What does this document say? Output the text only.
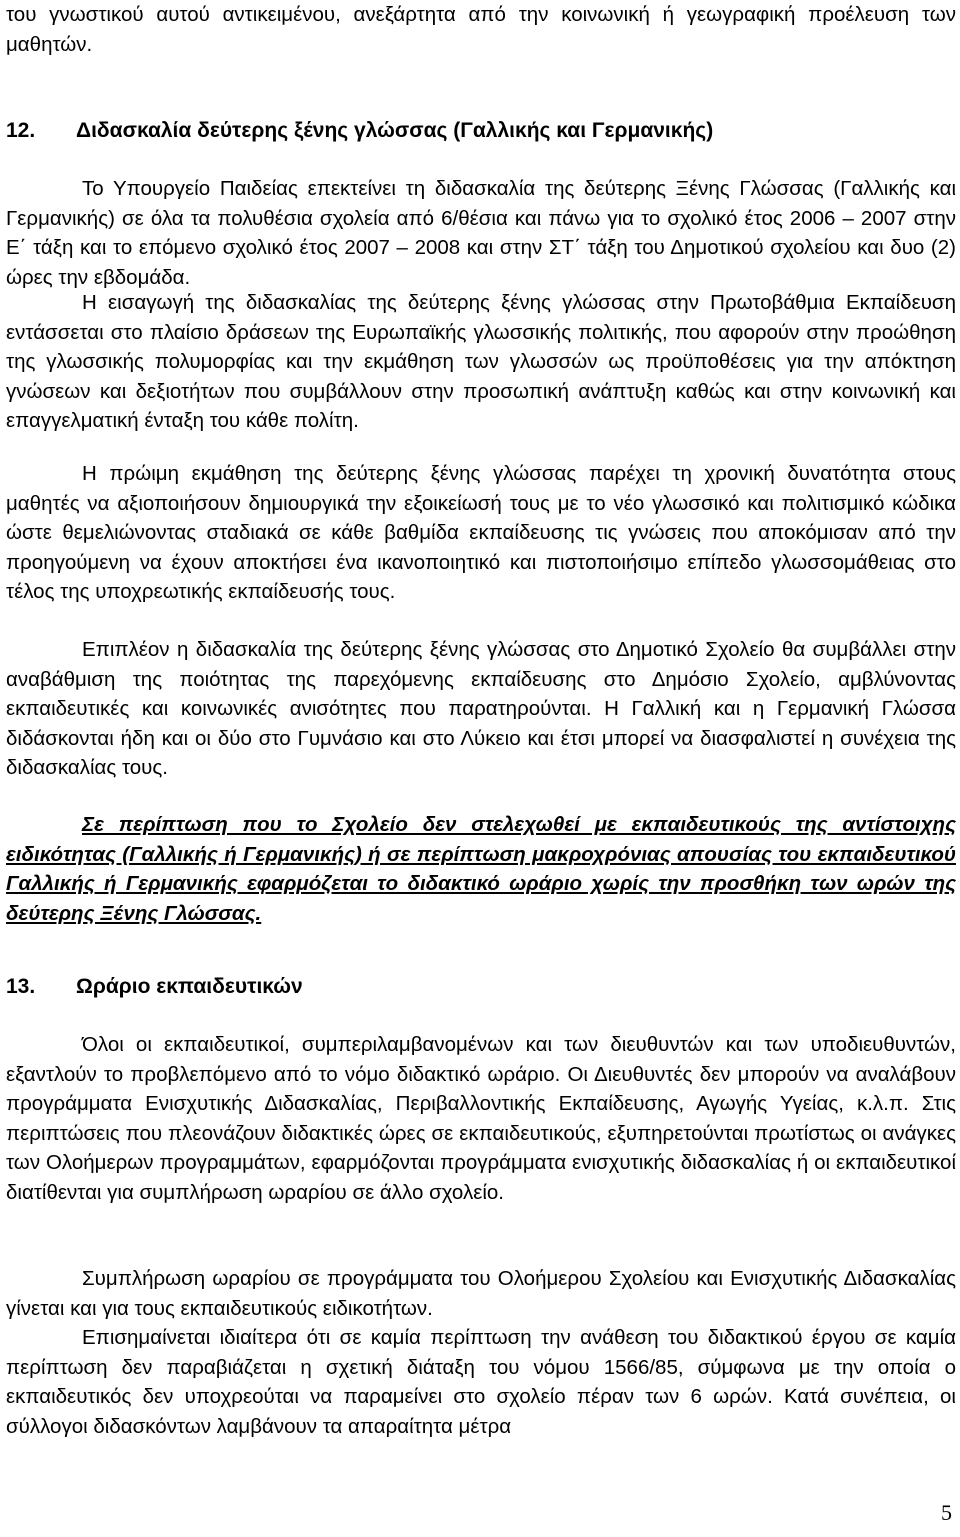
του γνωστικού αυτού αντικειμένου, ανεξάρτητα από την κοινωνική ή γεωγραφική προέλευση των μαθητών.

12.	Διδασκαλία δεύτερης ξένης γλώσσας (Γαλλικής και Γερμανικής)

Το Υπουργείο Παιδείας επεκτείνει τη διδασκαλία της δεύτερης Ξένης Γλώσσας (Γαλλικής και Γερμανικής) σε όλα τα πολυθέσια σχολεία από 6/θέσια και πάνω για το σχολικό έτος 2006 – 2007 στην Ε΄ τάξη και το επόμενο σχολικό έτος 2007 – 2008 και στην ΣΤ΄ τάξη του Δημοτικού σχολείου και δυο (2) ώρες την εβδομάδα.

Η εισαγωγή της διδασκαλίας της δεύτερης ξένης γλώσσας στην Πρωτοβάθμια Εκπαίδευση εντάσσεται στο πλαίσιο δράσεων της Ευρωπαϊκής γλωσσικής πολιτικής, που αφορούν στην προώθηση της γλωσσικής πολυμορφίας και την εκμάθηση των γλωσσών ως προϋποθέσεις για την απόκτηση γνώσεων και δεξιοτήτων που συμβάλλουν στην προσωπική ανάπτυξη καθώς και στην κοινωνική και επαγγελματική ένταξη του κάθε πολίτη.

Η πρώιμη εκμάθηση της δεύτερης ξένης γλώσσας παρέχει τη χρονική δυνατότητα στους μαθητές να αξιοποιήσουν δημιουργικά την εξοικείωσή τους με το νέο γλωσσικό και πολιτισμικό κώδικα ώστε θεμελιώνοντας σταδιακά σε κάθε βαθμίδα εκπαίδευσης τις γνώσεις που αποκόμισαν από την προηγούμενη να έχουν αποκτήσει ένα ικανοποιητικό και πιστοποιήσιμο επίπεδο γλωσσομάθειας στο τέλος της υποχρεωτικής εκπαίδευσής τους.

Επιπλέον η διδασκαλία της δεύτερης ξένης γλώσσας στο Δημοτικό Σχολείο θα συμβάλλει στην αναβάθμιση της ποιότητας της παρεχόμενης εκπαίδευσης στο Δημόσιο Σχολείο, αμβλύνοντας εκπαιδευτικές και κοινωνικές ανισότητες που παρατηρούνται. Η Γαλλική και η Γερμανική Γλώσσα διδάσκονται ήδη και οι δύο στο Γυμνάσιο και στο Λύκειο και έτσι μπορεί να διασφαλιστεί η συνέχεια της διδασκαλίας τους.

Σε περίπτωση που το Σχολείο δεν στελεχωθεί με εκπαιδευτικούς της αντίστοιχης ειδικότητας (Γαλλικής ή Γερμανικής) ή σε περίπτωση μακροχρόνιας απουσίας του εκπαιδευτικού Γαλλικής ή Γερμανικής εφαρμόζεται το διδακτικό ωράριο χωρίς την προσθήκη των ωρών της δεύτερης Ξένης Γλώσσας.

13.	Ωράριο εκπαιδευτικών

Όλοι οι εκπαιδευτικοί, συμπεριλαμβανομένων και των διευθυντών και των υποδιευθυντών, εξαντλούν το προβλεπόμενο από το νόμο διδακτικό ωράριο. Οι Διευθυντές δεν μπορούν να αναλάβουν προγράμματα Ενισχυτικής Διδασκαλίας, Περιβαλλοντικής Εκπαίδευσης, Αγωγής Υγείας, κ.λ.π. Στις περιπτώσεις που πλεονάζουν διδακτικές ώρες σε εκπαιδευτικούς, εξυπηρετούνται πρωτίστως οι ανάγκες των Ολοήμερων προγραμμάτων, εφαρμόζονται προγράμματα ενισχυτικής διδασκαλίας ή οι εκπαιδευτικοί διατίθενται για συμπλήρωση ωραρίου σε άλλο σχολείο.

Συμπλήρωση ωραρίου σε προγράμματα του Ολοήμερου Σχολείου και Ενισχυτικής Διδασκαλίας γίνεται και για τους εκπαιδευτικούς ειδικοτήτων.

Επισημαίνεται ιδιαίτερα ότι σε καμία περίπτωση την ανάθεση του διδακτικού έργου σε καμία περίπτωση δεν παραβιάζεται η σχετική διάταξη του νόμου 1566/85, σύμφωνα με την οποία ο εκπαιδευτικός δεν υποχρεούται να παραμείνει στο σχολείο πέραν των 6 ωρών. Κατά συνέπεια, οι σύλλογοι διδασκόντων λαμβάνουν τα απαραίτητα μέτρα

5
